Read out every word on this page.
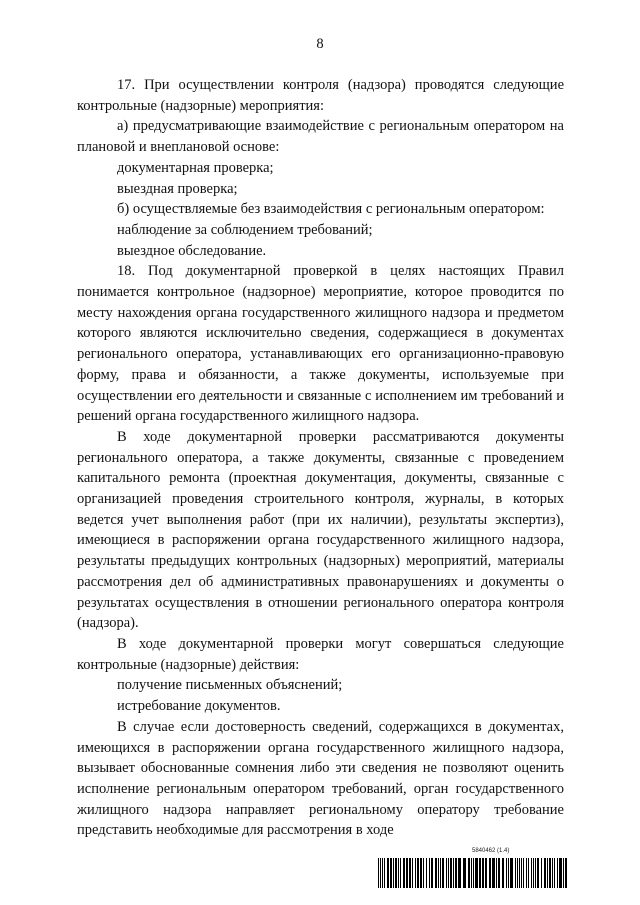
8

17. При осуществлении контроля (надзора) проводятся следующие контрольные (надзорные) мероприятия:

а) предусматривающие взаимодействие с региональным оператором на плановой и внеплановой основе:

документарная проверка;

выездная проверка;

б) осуществляемые без взаимодействия с региональным оператором:

наблюдение за соблюдением требований;

выездное обследование.

18. Под документарной проверкой в целях настоящих Правил понимается контрольное (надзорное) мероприятие, которое проводится по месту нахождения органа государственного жилищного надзора и предметом которого являются исключительно сведения, содержащиеся в документах регионального оператора, устанавливающих его организационно-правовую форму, права и обязанности, а также документы, используемые при осуществлении его деятельности и связанные с исполнением им требований и решений органа государственного жилищного надзора.

В ходе документарной проверки рассматриваются документы регионального оператора, а также документы, связанные с проведением капитального ремонта (проектная документация, документы, связанные с организацией проведения строительного контроля, журналы, в которых ведется учет выполнения работ (при их наличии), результаты экспертиз), имеющиеся в распоряжении органа государственного жилищного надзора, результаты предыдущих контрольных (надзорных) мероприятий, материалы рассмотрения дел об административных правонарушениях и документы о результатах осуществления в отношении регионального оператора контроля (надзора).

В ходе документарной проверки могут совершаться следующие контрольные (надзорные) действия:

получение письменных объяснений;

истребование документов.

В случае если достоверность сведений, содержащихся в документах, имеющихся в распоряжении органа государственного жилищного надзора, вызывает обоснованные сомнения либо эти сведения не позволяют оценить исполнение региональным оператором требований, орган государственного жилищного надзора направляет региональному оператору требование представить необходимые для рассмотрения в ходе

5840462 (1.4)
